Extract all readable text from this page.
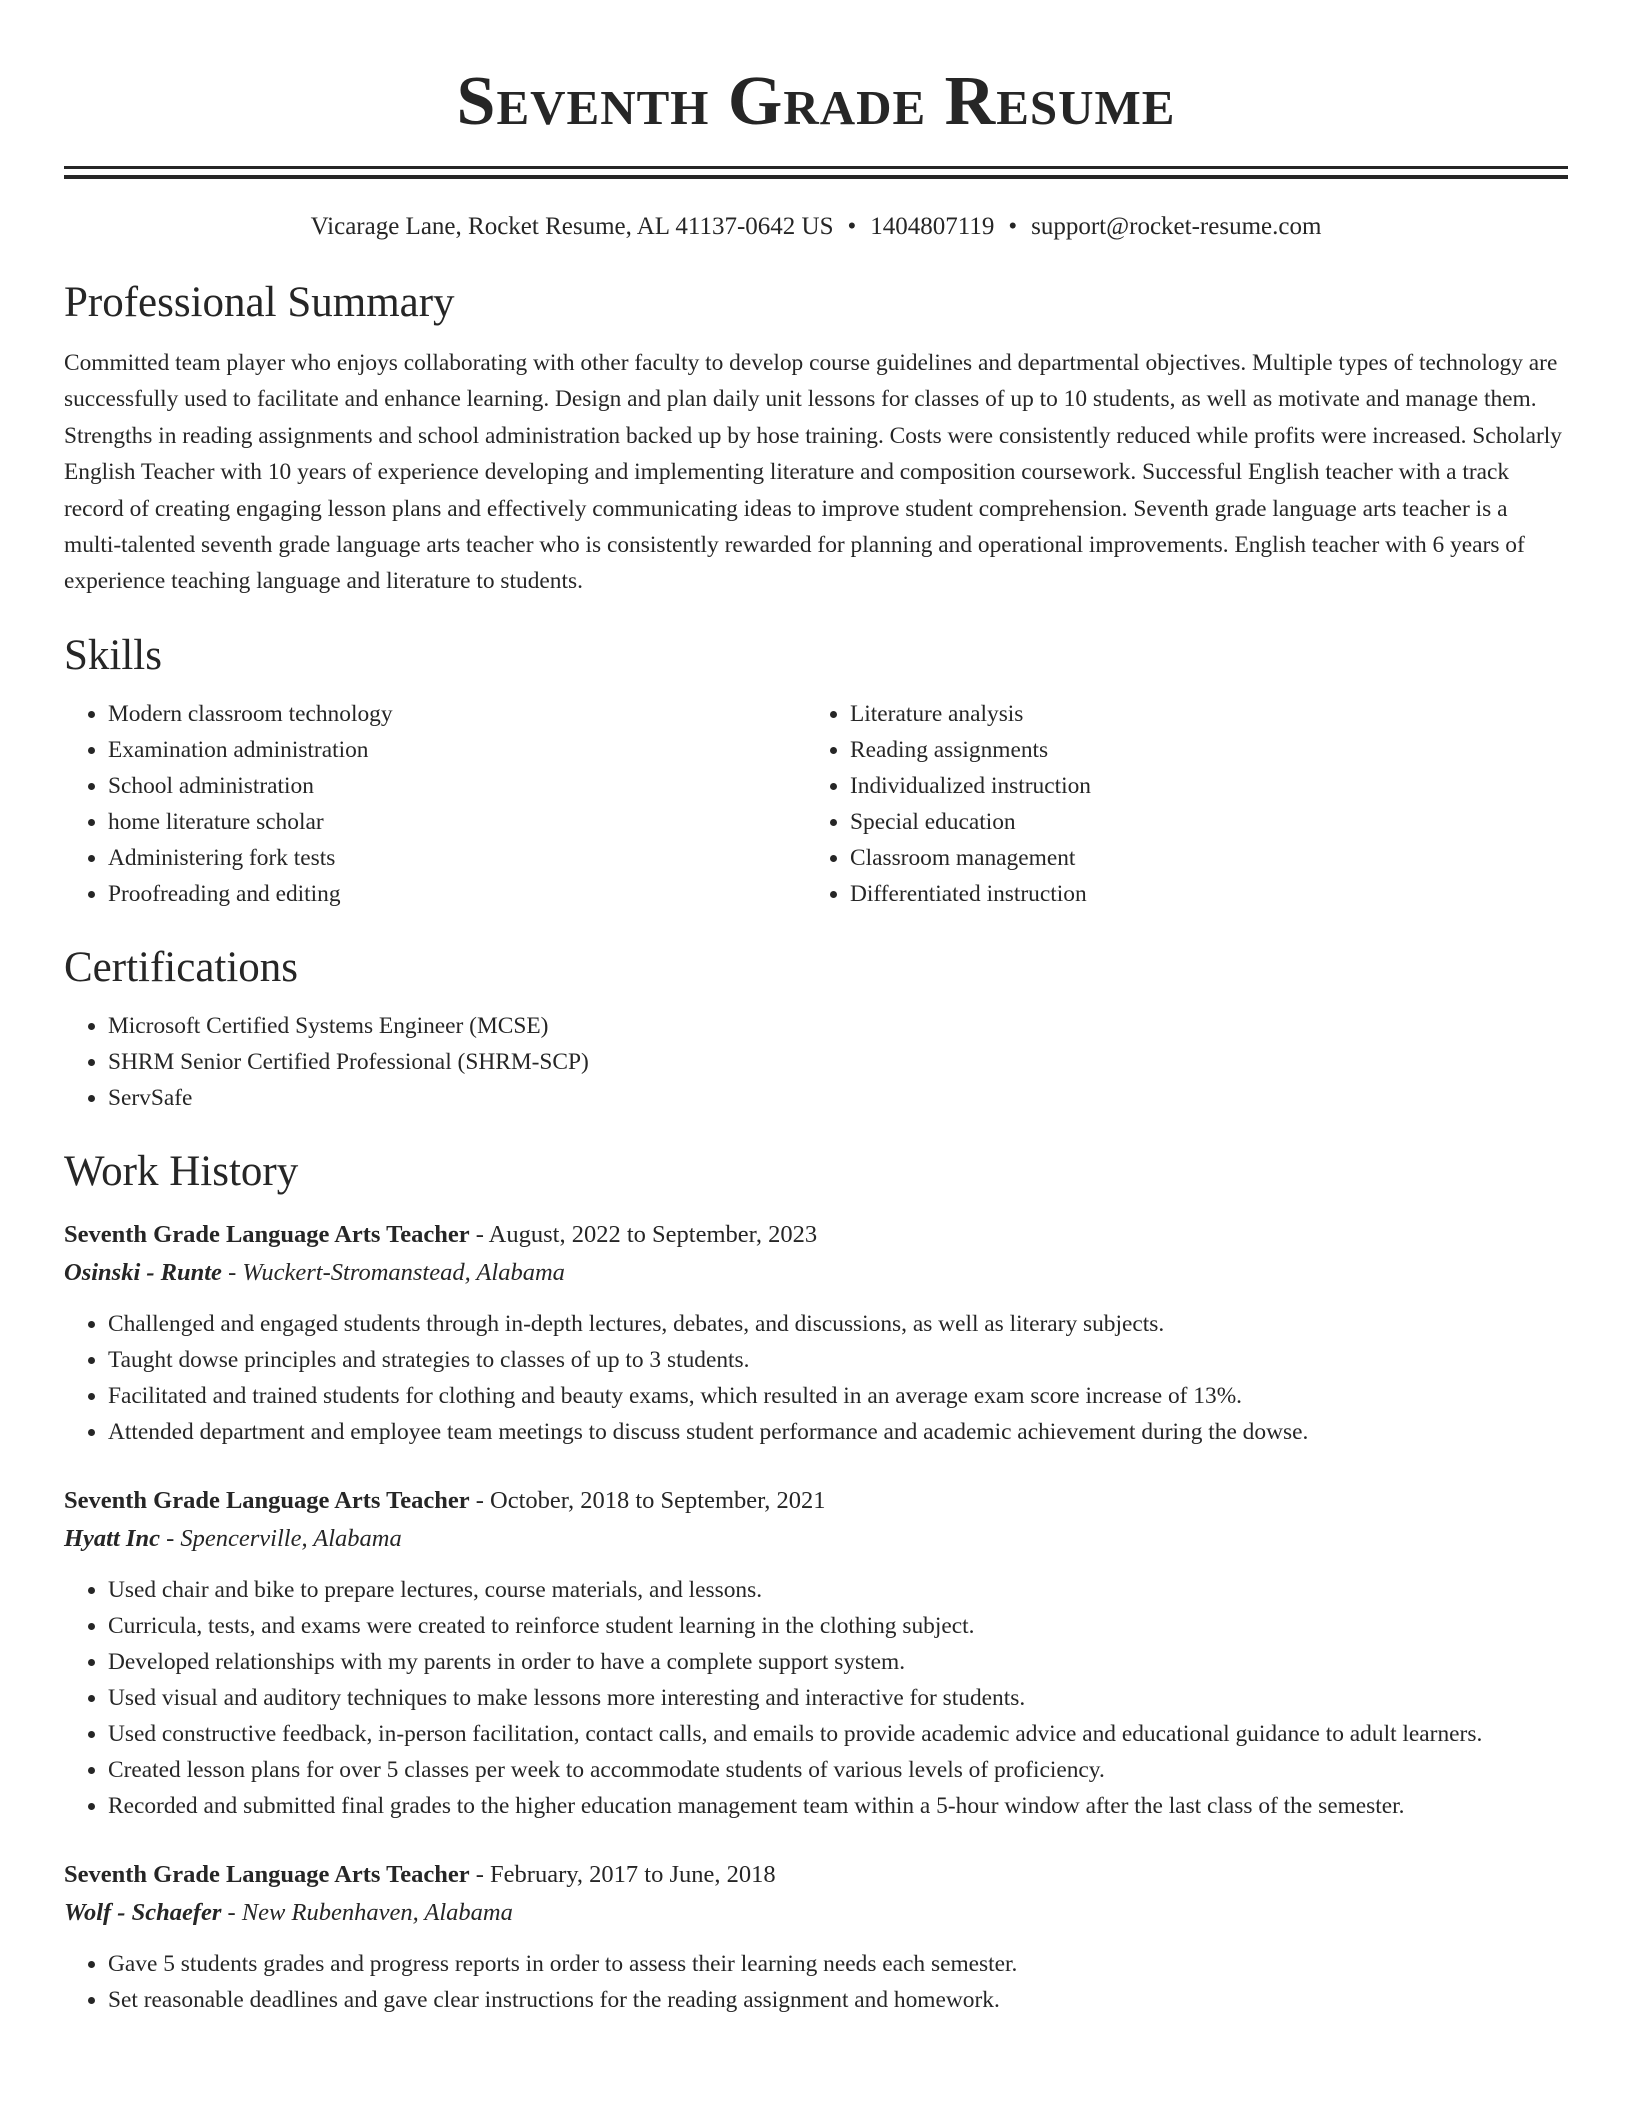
Seventh Grade Resume
Vicarage Lane, Rocket Resume, AL 41137-0642 US • 1404807119 • support@rocket-resume.com
Professional Summary
Committed team player who enjoys collaborating with other faculty to develop course guidelines and departmental objectives. Multiple types of technology are successfully used to facilitate and enhance learning. Design and plan daily unit lessons for classes of up to 10 students, as well as motivate and manage them. Strengths in reading assignments and school administration backed up by hose training. Costs were consistently reduced while profits were increased. Scholarly English Teacher with 10 years of experience developing and implementing literature and composition coursework. Successful English teacher with a track record of creating engaging lesson plans and effectively communicating ideas to improve student comprehension. Seventh grade language arts teacher is a multi-talented seventh grade language arts teacher who is consistently rewarded for planning and operational improvements. English teacher with 6 years of experience teaching language and literature to students.
Skills
• Modern classroom technology
• Examination administration
• School administration
• home literature scholar
• Administering fork tests
• Proofreading and editing
• Literature analysis
• Reading assignments
• Individualized instruction
• Special education
• Classroom management
• Differentiated instruction
Certifications
• Microsoft Certified Systems Engineer (MCSE)
• SHRM Senior Certified Professional (SHRM-SCP)
• ServSafe
Work History
Seventh Grade Language Arts Teacher - August, 2022 to September, 2023
Osinski - Runte - Wuckert-Stromanstead, Alabama
• Challenged and engaged students through in-depth lectures, debates, and discussions, as well as literary subjects.
• Taught dowse principles and strategies to classes of up to 3 students.
• Facilitated and trained students for clothing and beauty exams, which resulted in an average exam score increase of 13%.
• Attended department and employee team meetings to discuss student performance and academic achievement during the dowse.
Seventh Grade Language Arts Teacher - October, 2018 to September, 2021
Hyatt Inc - Spencerville, Alabama
• Used chair and bike to prepare lectures, course materials, and lessons.
• Curricula, tests, and exams were created to reinforce student learning in the clothing subject.
• Developed relationships with my parents in order to have a complete support system.
• Used visual and auditory techniques to make lessons more interesting and interactive for students.
• Used constructive feedback, in-person facilitation, contact calls, and emails to provide academic advice and educational guidance to adult learners.
• Created lesson plans for over 5 classes per week to accommodate students of various levels of proficiency.
• Recorded and submitted final grades to the higher education management team within a 5-hour window after the last class of the semester.
Seventh Grade Language Arts Teacher - February, 2017 to June, 2018
Wolf - Schaefer - New Rubenhaven, Alabama
• Gave 5 students grades and progress reports in order to assess their learning needs each semester.
• Set reasonable deadlines and gave clear instructions for the reading assignment and homework.
